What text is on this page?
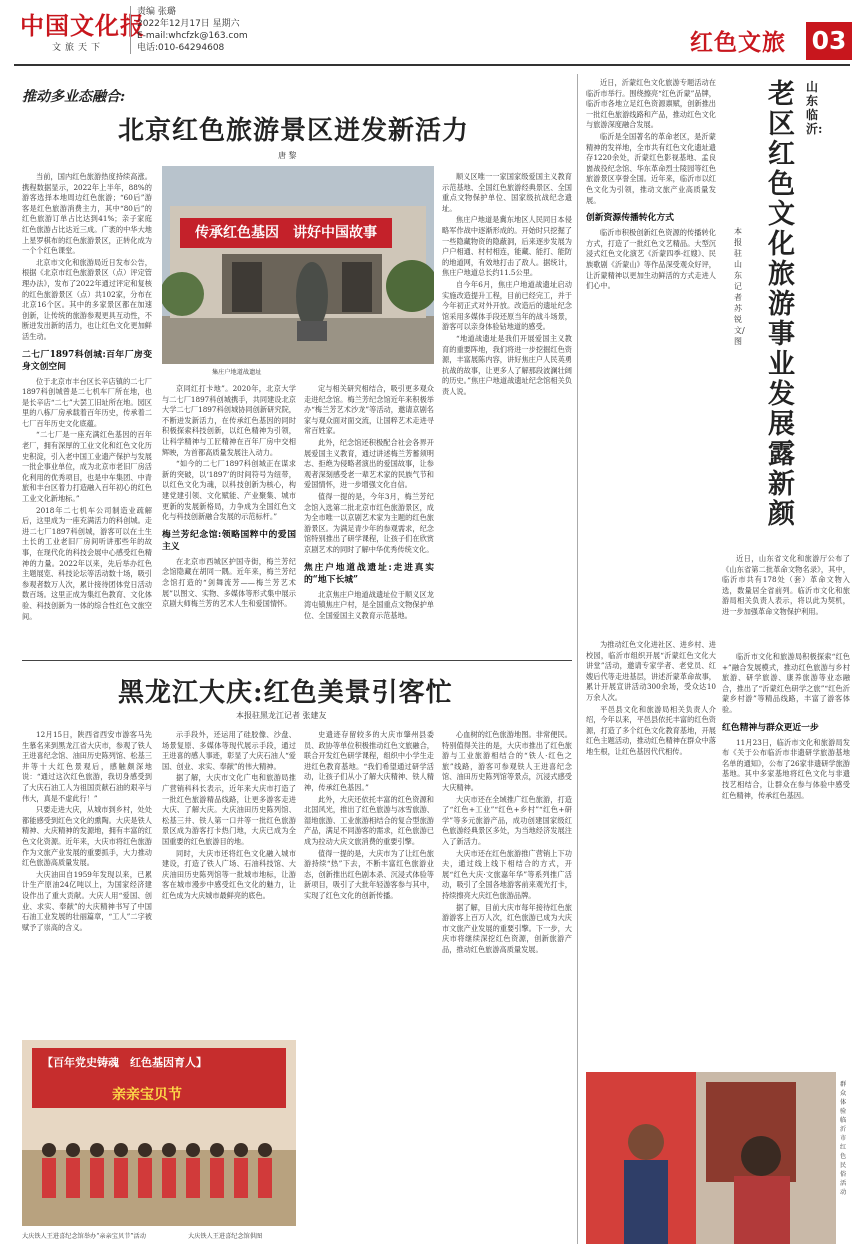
中国文化报
文旅天下
责编 张璐
2022年12月17日 星期六
E-mail:whcfzk@163.com
电话:010-64294608	红色文旅 03
推动多业态融合:
北京红色旅游景区迸发新活力
唐 黎
传承红色基因　讲好中国故事
集庄户地道战遗址

当前，国内红色旅游热度持续高涨。携程数据显示，2022年上半年，88%的游客选择本地周边红色旅游；“60后”游客是红色旅游消费主力，其中“80后”的红色旅游订单占比达到41%；亲子家庭红色旅游占比达近三成。广袤的中华大地上星罗棋布的红色旅游景区，正转化成为一个个红色课堂。

北京市文化和旅游局近日发布公告，根据《北京市红色旅游景区（点）评定管理办法》，发布了2022年通过评定和复核的红色旅游景区（点）共102家，分布在北京16个区。其中的多家景区都在加速创新，让传统的旅游参观更具互动性，不断迸发出新的活力，也让红色文化更加鲜活生动。

二七厂1897科创城:百年厂房变身文创空间

位于北京市丰台区长辛店镇的二七厂1897科创城曾是二七机车厂所在地，也是长辛店“二七”大罢工旧址所在地。园区里的八栋厂房承载着百年历史，传承着二七厂百年历史文化底蕴。

“二七厂是一座充满红色基因的百年老厂，拥有深厚的工业文化和红色文化历史积淀，引入老中国工业遗产保护与发展一批企事业单位，成为北京市老旧厂房活化利用的优秀项目，也是中车集团、中青旅和丰台区着力打造融入百年初心的红色工业文化新地标。”

2018年二七机车公司制造业疏解后，这里成为一座充满活力的科创城。走进二七厂1897科创城，游客可以在土生土长的工业老旧厂房间听讲那些年的故事，在现代化的科技会展中心感受红色精神的力量。2022年以来，先后举办红色主题展览、科技论坛等活动数十场，吸引参观者数万人次，累计接待团体党日活动数百场。这里正成为集红色教育、文化体验、科技创新为一体的综合性红色文旅空间。

京同红打卡地”。2020年，北京大学与二七厂1897科创城携手，共同建设北京大学二七厂1897科创城协同创新研究院，不断迸发新活力，在传承红色基因的同时积极探索科技创新，以红色精神为引领，让科学精神与工匠精神在百年厂房中交相辉映，为首都高质量发展注入动力。

“如今的二七厂1897科创城正在谋求新的突破，以‘1897’的时间符号为纽带，以红色文化为魂，以科技创新为核心，构建党建引领、文化赋能、产业聚集、城市更新的发展新格局，力争成为全国红色文化与科技创新融合发展的示范标杆。”

梅兰芳纪念馆:领略国粹中的爱国主义

在北京市西城区护国寺街，梅兰芳纪念馆隐藏在胡同一隅。近年来，梅兰芳纪念馆打造的“剑舞流芳——梅兰芳艺术展”以图文、实物、多媒体等形式集中展示京剧大师梅兰芳的艺术人生和爱国情怀。

定与相关研究相结合，吸引更多观众走进纪念馆。梅兰芳纪念馆近年来积极举办“梅兰芳艺术沙龙”等活动，邀请京剧名家与观众面对面交流，让国粹艺术走进寻常百姓家。

此外，纪念馆还积极配合社会各界开展爱国主义教育，通过讲述梅兰芳蓄须明志、拒绝为侵略者演出的爱国故事，让参观者深刻感受老一辈艺术家的民族气节和爱国情怀，进一步增强文化自信。

值得一提的是，今年3月，梅兰芳纪念馆入选第二批北京市红色旅游景区，成为全市唯一以京剧艺术家为主题的红色旅游景区。为满足青少年的参观需求，纪念馆特别推出了研学课程，让孩子们在欣赏京剧艺术的同时了解中华优秀传统文化。

焦庄户地道战遗址:走进真实的“地下长城”

北京焦庄户地道战遗址位于顺义区龙湾屯镇焦庄户村，是全国重点文物保护单位、全国爱国主义教育示范基地。

顺义区唯一一家国家级爱国主义教育示范基地、全国红色旅游经典景区、全国重点文物保护单位、国家级抗战纪念遗址。

焦庄户地道是冀东地区人民同日本侵略军作战中逐渐形成的。开始时只挖掘了一些隐藏物资的隐蔽洞，后来逐步发展为户户相通、村村相连，能藏、能打、能防的地道网，有效地打击了敌人。据统计，焦庄户地道总长约11.5公里。

自今年6月，焦庄户地道战遗址启动实施改造提升工程，目前已经完工，并于今年初正式对外开放。改造后的遗址纪念馆采用多媒体手段还原当年的战斗场景，游客可以亲身体验钻地道的感受。

“地道战遗址是我们开展爱国主义教育的重要阵地，我们将进一步挖掘红色资源，丰富展陈内容，讲好焦庄户人民英勇抗战的故事，让更多人了解那段波澜壮阔的历史。”焦庄户地道战遗址纪念馆相关负责人说。

近日，沂蒙红色文化旅游专题活动在临沂市举行。围绕擦亮“红色沂蒙”品牌，临沂市各地立足红色资源禀赋，创新推出一批红色旅游线路和产品，推动红色文化与旅游深度融合发展。

临沂是全国著名的革命老区，是沂蒙精神的发祥地，全市共有红色文化遗址遗存1220余处，沂蒙红色影视基地、孟良崮战役纪念馆、华东革命烈士陵园等红色旅游景区享誉全国。近年来，临沂市以红色文化为引领，推动文旅产业高质量发展。

创新资源传播转化方式

临沂市积极创新红色资源的传播转化方式，打造了一批红色文艺精品。大型沉浸式红色文化演艺《沂蒙四季·红嫂》、民族歌剧《沂蒙山》等作品深受观众好评，让沂蒙精神以更加生动鲜活的方式走进人们心中。

山东临沂:
老区红色文化旅游事业发展露新颜
本报驻山东记者 苏 锐 文/图

近日，山东省文化和旅游厅公布了《山东省第二批革命文物名录》，其中，临沂市共有178处（套）革命文物入选，数量居全省前列。临沂市文化和旅游局相关负责人表示，将以此为契机，进一步加强革命文物保护利用。

为推动红色文化进社区、进乡村、进校园，临沂市组织开展“沂蒙红色文化大讲堂”活动，邀请专家学者、老党员、红嫂后代等走进基层，讲述沂蒙革命故事，累计开展宣讲活动300余场，受众达10万余人次。

平邑县文化和旅游局相关负责人介绍，今年以来，平邑县依托丰富的红色资源，打造了多个红色文化教育基地，开展红色主题活动，推动红色精神在群众中落地生根，让红色基因代代相传。

临沂市文化和旅游局积极探索“红色+”融合发展模式，推动红色旅游与乡村旅游、研学旅游、康养旅游等业态融合，推出了“沂蒙红色研学之旅”“红色沂蒙乡村游”等精品线路，丰富了游客体验。

红色精神与群众更近一步

11月23日，临沂市文化和旅游局发布《关于公布临沂市非遗研学旅游基地名单的通知》，公布了26家非遗研学旅游基地。其中多家基地将红色文化与非遗技艺相结合，让群众在参与体验中感受红色精神，传承红色基因。

群众体验临沂市红色民俗活动
黑龙江大庆:红色美景引客忙
本报驻黑龙江记者 张建友

12月15日，陕西省西安市游客马先生慕名来到黑龙江省大庆市，参观了铁人王进喜纪念馆、油田历史陈列馆、松基三井等十大红色景观后，感触颇深地说：“通过这次红色旅游，我切身感受到了大庆石油工人为祖国贡献石油的艰辛与伟大，真是不虚此行！”

只要走进大庆，从城市到乡村，处处都能感受到红色文化的熏陶。大庆是铁人精神、大庆精神的发源地，拥有丰富的红色文化资源。近年来，大庆市将红色旅游作为文旅产业发展的重要抓手，大力推动红色旅游高质量发展。

大庆油田自1959年发现以来，已累计生产原油24亿吨以上，为国家经济建设作出了重大贡献。大庆人用“爱国、创业、求实、奉献”的大庆精神书写了中国石油工业发展的壮丽篇章，“工人”二字被赋予了崇高的含义。

示手段外，还运用了硅胶像、沙盘、场景复原、多媒体等现代展示手段，通过王进喜的感人事迹，彰显了大庆石油人“爱国、创业、求实、奉献”的伟大精神。

据了解，大庆市文化广电和旅游局推广营销科科长表示，近年来大庆市打造了一批红色旅游精品线路，让更多游客走进大庆、了解大庆。大庆油田历史陈列馆、松基三井、铁人第一口井等一批红色旅游景区成为游客打卡热门地，大庆已成为全国重要的红色旅游目的地。

同时，大庆市还将红色文化融入城市建设，打造了铁人广场、石油科技馆、大庆油田历史陈列馆等一批城市地标，让游客在城市漫步中感受红色文化的魅力，让红色成为大庆城市最鲜亮的底色。

史遗迹存留较多的大庆市肇州县委员、政协等单位积极推动红色文旅融合，联合开发红色研学课程，组织中小学生走进红色教育基地。“我们希望通过研学活动，让孩子们从小了解大庆精神、铁人精神，传承红色基因。”

此外，大庆还依托丰富的红色资源和北国风光，推出了红色旅游与冰雪旅游、湿地旅游、工业旅游相结合的复合型旅游产品，满足不同游客的需求，红色旅游已成为拉动大庆文旅消费的重要引擎。

值得一提的是，大庆市为了让红色旅游持续“热”下去，不断丰富红色旅游业态，创新推出红色剧本杀、沉浸式体验等新项目，吸引了大批年轻游客参与其中，实现了红色文化的创新传播。

心血树的红色旅游地图。非常便民。特别值得关注的是，大庆市推出了红色旅游与工业旅游相结合的“铁人·红色之旅”线路，游客可参观铁人王进喜纪念馆、油田历史陈列馆等景点，沉浸式感受大庆精神。

大庆市还在全域推广红色旅游，打造了“红色+工业”“红色+乡村”“红色+研学”等多元旅游产品，成功创建国家级红色旅游经典景区多处，为当地经济发展注入了新活力。

大庆市还在红色旅游推广营销上下功夫，通过线上线下相结合的方式，开展“红色大庆·文旅嘉年华”等系列推广活动，吸引了全国各地游客前来观光打卡，持续擦亮大庆红色旅游品牌。

据了解，目前大庆市每年接待红色旅游游客上百万人次，红色旅游已成为大庆市文旅产业发展的重要引擎。下一步，大庆市将继续深挖红色资源，创新旅游产品，推动红色旅游高质量发展。

【百年党史铸魂　红色基因育人】
亲亲宝贝节
大庆铁人王进喜纪念馆举办“亲亲宝贝节”活动	大庆铁人王进喜纪念馆供图
